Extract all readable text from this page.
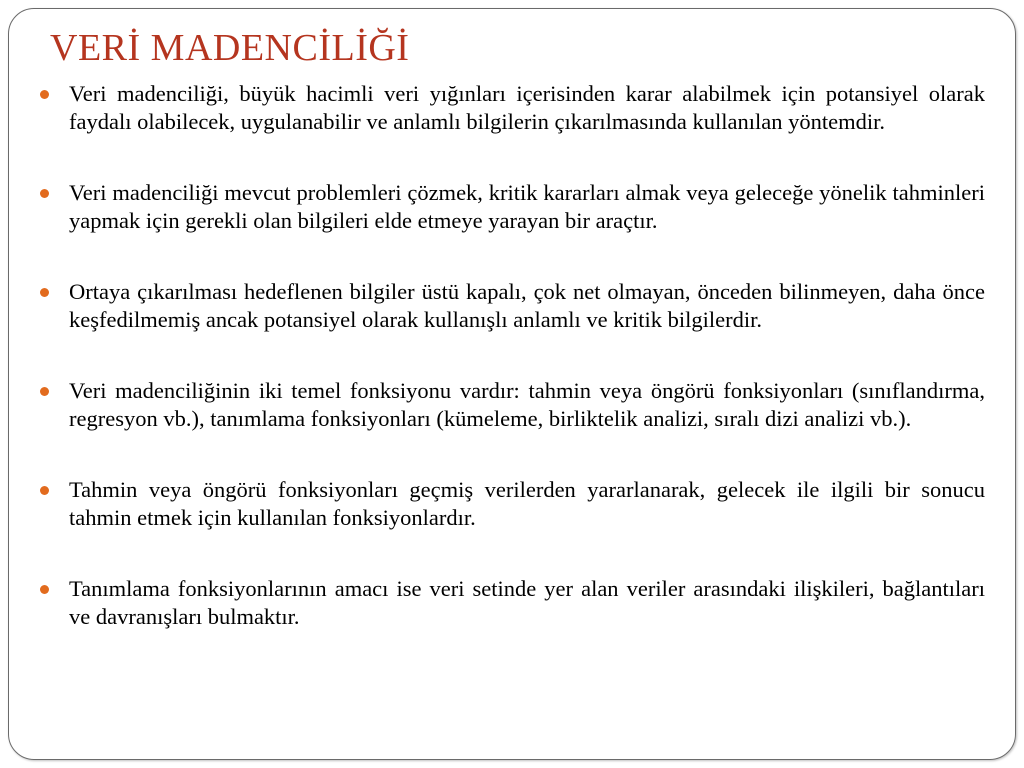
VERİ MADENCİLİĞİ
Veri madenciliği, büyük hacimli veri yığınları içerisinden karar alabilmek için potansiyel olarak faydalı olabilecek, uygulanabilir ve anlamlı bilgilerin çıkarılmasında kullanılan yöntemdir.
Veri madenciliği mevcut problemleri çözmek, kritik kararları almak veya geleceğe yönelik tahminleri yapmak için gerekli olan bilgileri elde etmeye yarayan bir araçtır.
Ortaya çıkarılması hedeflenen bilgiler üstü kapalı, çok net olmayan, önceden bilinmeyen, daha önce keşfedilmemiş ancak potansiyel olarak kullanışlı anlamlı ve kritik bilgilerdir.
Veri madenciliğinin iki temel fonksiyonu vardır: tahmin veya öngörü fonksiyonları (sınıflandırma, regresyon vb.), tanımlama fonksiyonları (kümeleme, birliktelik analizi, sıralı dizi analizi vb.).
Tahmin veya öngörü fonksiyonları geçmiş verilerden yararlanarak, gelecek ile ilgili bir sonucu tahmin etmek için kullanılan fonksiyonlardır.
Tanımlama fonksiyonlarının amacı ise veri setinde yer alan veriler arasındaki ilişkileri, bağlantıları ve davranışları bulmaktır.
